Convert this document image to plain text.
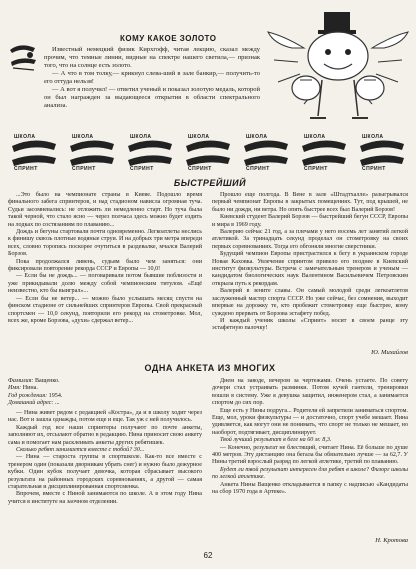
КОМУ КАКОЕ ЗОЛОТО

Известный немецкий физик Кирхгофф, читая лекцию, сказал между прочим, что темные линии, видные на спектре нашего светила,— признак того, что на солнце есть золото.

— А что в том толку,— крикнул слева-ший в зале банкир,— получить-то его оттуда нельзя!

— А вот я получил! — ответил ученый и показал золотую медаль, которой он был награжден за выдающееся открытия в области спектрального анализа.

ШКОЛА
СПРИНТ
ШКОЛА
СПРИНТ
ШКОЛА
СПРИНТ
ШКОЛА
СПРИНТ
ШКОЛА
СПРИНТ
ШКОЛА
СПРИНТ
ШКОЛА
СПРИНТ
БЫСТРЕЙШИЙ

...Это было на чемпионате страны в Киеве. Подошло время финального забега спринтеров, и над стадионом нависла огромная туча. Судьи засомневались: не отложить ли немедленно старт. Но туча была такой черной, что стало ясно — через полчаса здесь можно будет ездить на лодках по состязаниям по плаванию...

Дождь и бегуны стартовали почти одновременно. Легкоатлеты неслись к финишу сквозь плотные водяные струи. И на добрых три метра впереди всех, словно торопясь поскорее очутиться в раздевалке, мчался Валерий Борзов.

Пока продолжался ливень, судьям было чем заняться: они фиксировали повторение рекорда СССР и Европы — 10,0!

— Если бы не дождь... — поговаривали потом бывшие поблизости и уже прикидывали долю между собой чемпионским титулом. «Ещё неизвестно, кто бы выиграл»...

— Если бы не ветер... — можно было услышать месяц спустя на финском стадионе от сильнейших спринтеров Европы. Свой прекрасный спортсмен — 10,0 секунд, повторили его рекорд на стометровке. Мол, всех же, кроме Борзова, «духи» сдержал ветер...

Прошло еще полгода. В Вене в зале «Штадтхалле» разыгрывался первый чемпионат Европы в закрытых помещениях. Тут, под крышей, не было ни дождя, ни ветра. Но опять быстрее всех был Валерий Борзов!

Киевский студент Валерий Борзов — быстрейший бегун СССР, Европы и мира в 1969 году.

Валерию сейчас 21 год, а за плечами у него восемь лет занятий легкой атлетикой. За тринадцать секунд проделал он стометровку на своих первых соревнованиях. Тогда его обгоняли многие сверстники.

Будущий чемпион Европы пристрастился к бегу в украинском городе Новая Каховка. Увлечение спринтом привело его позднее в Киевский институт физкультуры. Встреча с замечательным тренером и ученым — кандидатом биологических наук Валентином Васильевичем Петровским открыла путь к рекордам.

Валерий в зените славы. Он самый молодой среди легкоатлетов заслуженный мастер спорта СССР. Но уже сейчас, без сомнения, выходит впервые на дорожку те, кто пробежит стометровку еще быстрее, кому суждено прервать от Борзова эстафету побед.

И каждый ученик школы «Спринт» носит в своем ранце эту эстафетную палочку!

Ю. Михайлов
ОДНА АНКЕТА ИЗ МНОГИХ
Фамилия: Ващенко.
Имя: Нина.
Год рождения: 1954.
Домашний адрес: ...

— Нина живет рядом с редакцией «Костра», да и в школу ходит через нас. Вот и зашла однажды, потом еще и еще. Так уж с ней получилось.

Каждый год все наши спринтеры получают по почте анкеты, заполняют их, отсылают обратно в редакцию. Нина приносит свою анкету сама и помогает нам расклеивать анкеты других ребятишек.

Сколько ребят занимается вместе с тобой? 30...

— Нина — староста группы в спортшколе. Как-то все вместе с тренером один (показали дворникам убрать снег) и нужно было дежурное кубки. Один кубок получает девочка, которая сбрасывает высокого результата на районных городских соревнованиях, а другой — самая старательная и дисциплинированная спортсменка.

Впрочем, вместе с Ниной занимаются по школе. А в этом году Нина учится в институте на заочном отделении.

Днем на заводе, вечером за чертежами. Очень устаете. По совету дочери стал устраивать разминки. Потом кучей гантели, тренировки вошли в систему. Уже я девушка защитил, инженером стал, а занимается спортом до сих пор.

Еще есть у Нины подруга... Родители ей запретили заниматься спортом. Еще, мол, уроки физкультуры — и достаточно, спорт учебе мешает. Нина удивляется, как могут они не понимать, что спорт не только не мешает, но наоборот, подтягивает, дисциплинирует.

Твой лучший результат в беге на 60 м: 8,3.

— Конечно, результат не блестящий, считает Нина. Её больше по душе 400 метров. Эту дистанцию она бегала бы обязательно лучше — за 62,7. У Нины третий взрослый разряд по легкой атлетике, третий по плаванию.

Будет ли твой результат интересен для ребят в школе? Физорг школы по легкой атлетике.

Анкета Нины Ващенко откладывается в папку с надписью «Кандидаты на сбор 1970 года в Артеке».

Н. Кротова
62
